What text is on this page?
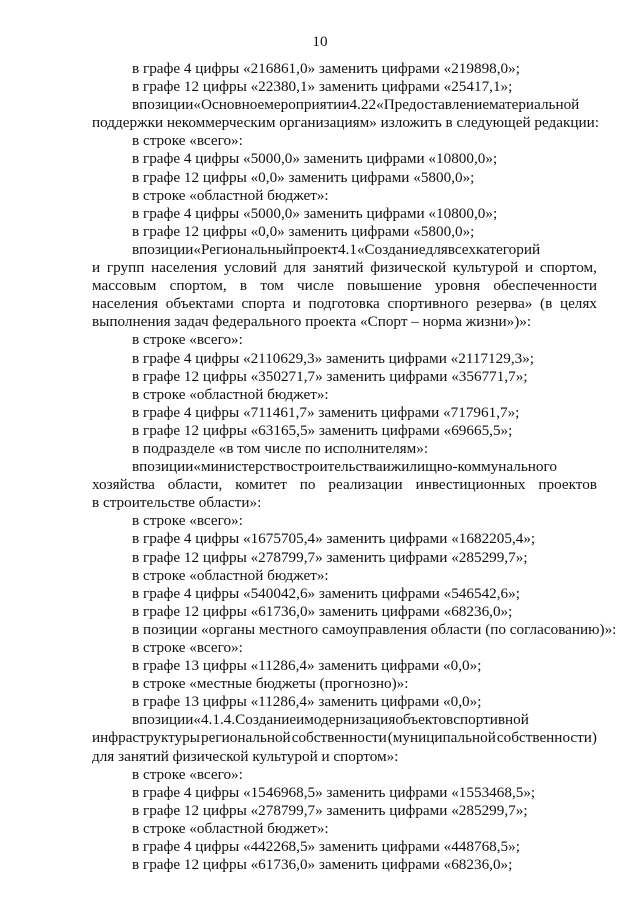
10
в графе 4 цифры «216861,0» заменить цифрами «219898,0»;
в графе 12 цифры «22380,1» заменить цифрами «25417,1»;
в позиции «Основное мероприятии 4.22 «Предоставление материальной
поддержки некоммерческим организациям» изложить в следующей редакции:
в строке «всего»:
в графе 4 цифры «5000,0» заменить цифрами «10800,0»;
в графе 12 цифры «0,0» заменить цифрами «5800,0»;
в строке «областной бюджет»:
в графе 4 цифры «5000,0» заменить цифрами «10800,0»;
в графе 12 цифры «0,0» заменить цифрами «5800,0»;
в позиции «Региональный проект 4.1 «Создание для всех категорий
и групп населения условий для занятий физической культурой и спортом,
массовым спортом, в том числе повышение уровня обеспеченности
населения объектами спорта и подготовка спортивного резерва» (в целях
выполнения задач федерального проекта «Спорт – норма жизни»)»:
в строке «всего»:
в графе 4 цифры «2110629,3» заменить цифрами «2117129,3»;
в графе 12 цифры «350271,7» заменить цифрами «356771,7»;
в строке «областной бюджет»:
в графе 4 цифры «711461,7» заменить цифрами «717961,7»;
в графе 12 цифры «63165,5» заменить цифрами «69665,5»;
в подразделе «в том числе по исполнителям»:
в позиции «министерство строительства и жилищно-коммунального
хозяйства области, комитет по реализации инвестиционных проектов
в строительстве области»:
в строке «всего»:
в графе 4 цифры «1675705,4» заменить цифрами «1682205,4»;
в графе 12 цифры «278799,7» заменить цифрами «285299,7»;
в строке «областной бюджет»:
в графе 4 цифры «540042,6» заменить цифрами «546542,6»;
в графе 12 цифры «61736,0» заменить цифрами «68236,0»;
в позиции «органы местного самоуправления области (по согласованию)»:
в строке «всего»:
в графе 13 цифры «11286,4» заменить цифрами «0,0»;
в строке «местные бюджеты (прогнозно)»:
в графе 13 цифры «11286,4» заменить цифрами «0,0»;
в позиции «4.1.4. Создание и модернизация объектов спортивной
инфраструктуры региональной собственности (муниципальной собственности)
для занятий физической культурой и спортом»:
в строке «всего»:
в графе 4 цифры «1546968,5» заменить цифрами «1553468,5»;
в графе 12 цифры «278799,7» заменить цифрами «285299,7»;
в строке «областной бюджет»:
в графе 4 цифры «442268,5» заменить цифрами «448768,5»;
в графе 12 цифры «61736,0» заменить цифрами «68236,0»;
